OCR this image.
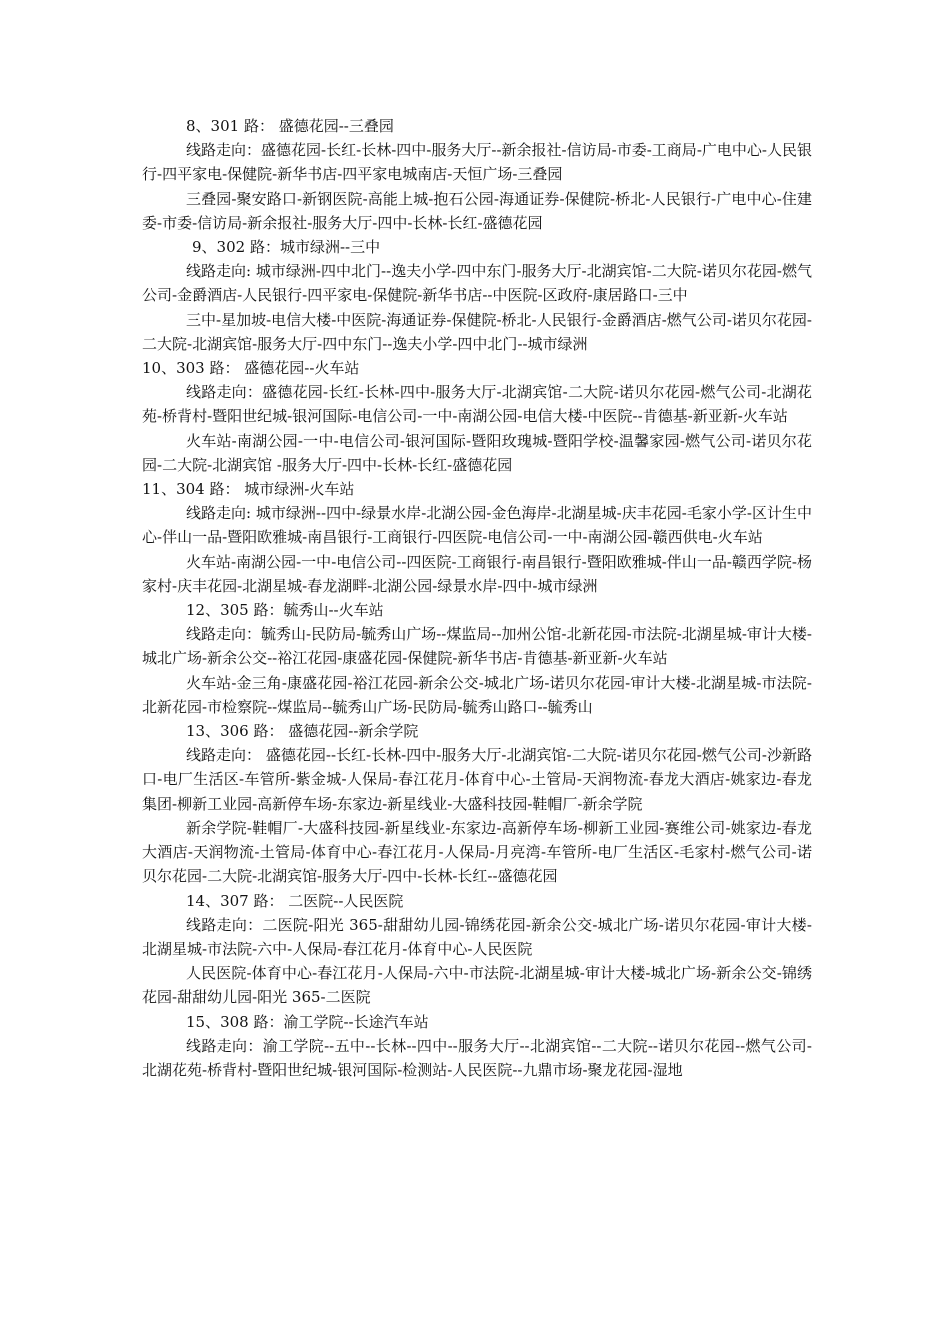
8、301 路： 盛德花园--三叠园

线路走向：盛德花园-长红-长林-四中-服务大厅--新余报社-信访局-市委-工商局-广电中心-人民银行-四平家电-保健院-新华书店-四平家电城南店-天恒广场-三叠园

三叠园-聚安路口-新钢医院-高能上城-抱石公园-海通证券-保健院-桥北-人民银行-广电中心-住建委-市委-信访局-新余报社-服务大厅-四中-长林-长红-盛德花园

9、302 路：城市绿洲--三中

线路走向: 城市绿洲-四中北门--逸夫小学-四中东门-服务大厅-北湖宾馆-二大院-诺贝尔花园-燃气公司-金爵酒店-人民银行-四平家电-保健院-新华书店--中医院-区政府-康居路口-三中

三中-星加坡-电信大楼-中医院-海通证券-保健院-桥北-人民银行-金爵酒店-燃气公司-诺贝尔花园-二大院-北湖宾馆-服务大厅-四中东门--逸夫小学-四中北门--城市绿洲

10、303 路： 盛德花园--火车站

线路走向：盛德花园-长红-长林-四中-服务大厅-北湖宾馆-二大院-诺贝尔花园-燃气公司-北湖花苑-桥背村-暨阳世纪城-银河国际-电信公司-一中-南湖公园-电信大楼-中医院--肯德基-新亚新-火车站

火车站-南湖公园-一中-电信公司-银河国际-暨阳玫瑰城-暨阳学校-温馨家园-燃气公司-诺贝尔花园-二大院-北湖宾馆 -服务大厅-四中-长林-长红-盛德花园

11、304 路： 城市绿洲-火车站

线路走向: 城市绿洲--四中-绿景水岸-北湖公园-金色海岸-北湖星城-庆丰花园-毛家小学-区计生中心-伴山一品-暨阳欧雅城-南昌银行-工商银行-四医院-电信公司-一中-南湖公园-赣西供电-火车站

火车站-南湖公园-一中-电信公司--四医院-工商银行-南昌银行-暨阳欧雅城-伴山一品-赣西学院-杨家村-庆丰花园-北湖星城-春龙湖畔-北湖公园-绿景水岸-四中-城市绿洲

12、305 路：毓秀山--火车站

线路走向：毓秀山-民防局-毓秀山广场--煤监局--加州公馆-北新花园-市法院-北湖星城-审计大楼-城北广场-新余公交--裕江花园-康盛花园-保健院-新华书店-肯德基-新亚新-火车站

火车站-金三角-康盛花园-裕江花园-新余公交-城北广场-诺贝尔花园-审计大楼-北湖星城-市法院-北新花园-市检察院--煤监局--毓秀山广场-民防局-毓秀山路口--毓秀山

13、306 路： 盛德花园--新余学院

线路走向： 盛德花园--长红-长林-四中-服务大厅-北湖宾馆-二大院-诺贝尔花园-燃气公司-沙新路口-电厂生活区-车管所-紫金城-人保局-春江花月-体育中心-土管局-天润物流-春龙大酒店-姚家边-春龙集团-柳新工业园-高新停车场-东家边-新星线业-大盛科技园-鞋帽厂-新余学院

新余学院-鞋帽厂-大盛科技园-新星线业-东家边-高新停车场-柳新工业园-赛维公司-姚家边-春龙大酒店-天润物流-土管局-体育中心-春江花月-人保局-月亮湾-车管所-电厂生活区-毛家村-燃气公司-诺贝尔花园-二大院-北湖宾馆-服务大厅-四中-长林-长红--盛德花园

14、307 路： 二医院--人民医院

线路走向：二医院-阳光 365-甜甜幼儿园-锦绣花园-新余公交-城北广场-诺贝尔花园-审计大楼-北湖星城-市法院-六中-人保局-春江花月-体育中心-人民医院

人民医院-体育中心-春江花月-人保局-六中-市法院-北湖星城-审计大楼-城北广场-新余公交-锦绣花园-甜甜幼儿园-阳光 365-二医院

15、308 路：渝工学院--长途汽车站

线路走向：渝工学院--五中--长林--四中--服务大厅--北湖宾馆--二大院--诺贝尔花园--燃气公司-北湖花苑-桥背村-暨阳世纪城-银河国际-检测站-人民医院--九鼎市场-聚龙花园-湿地
